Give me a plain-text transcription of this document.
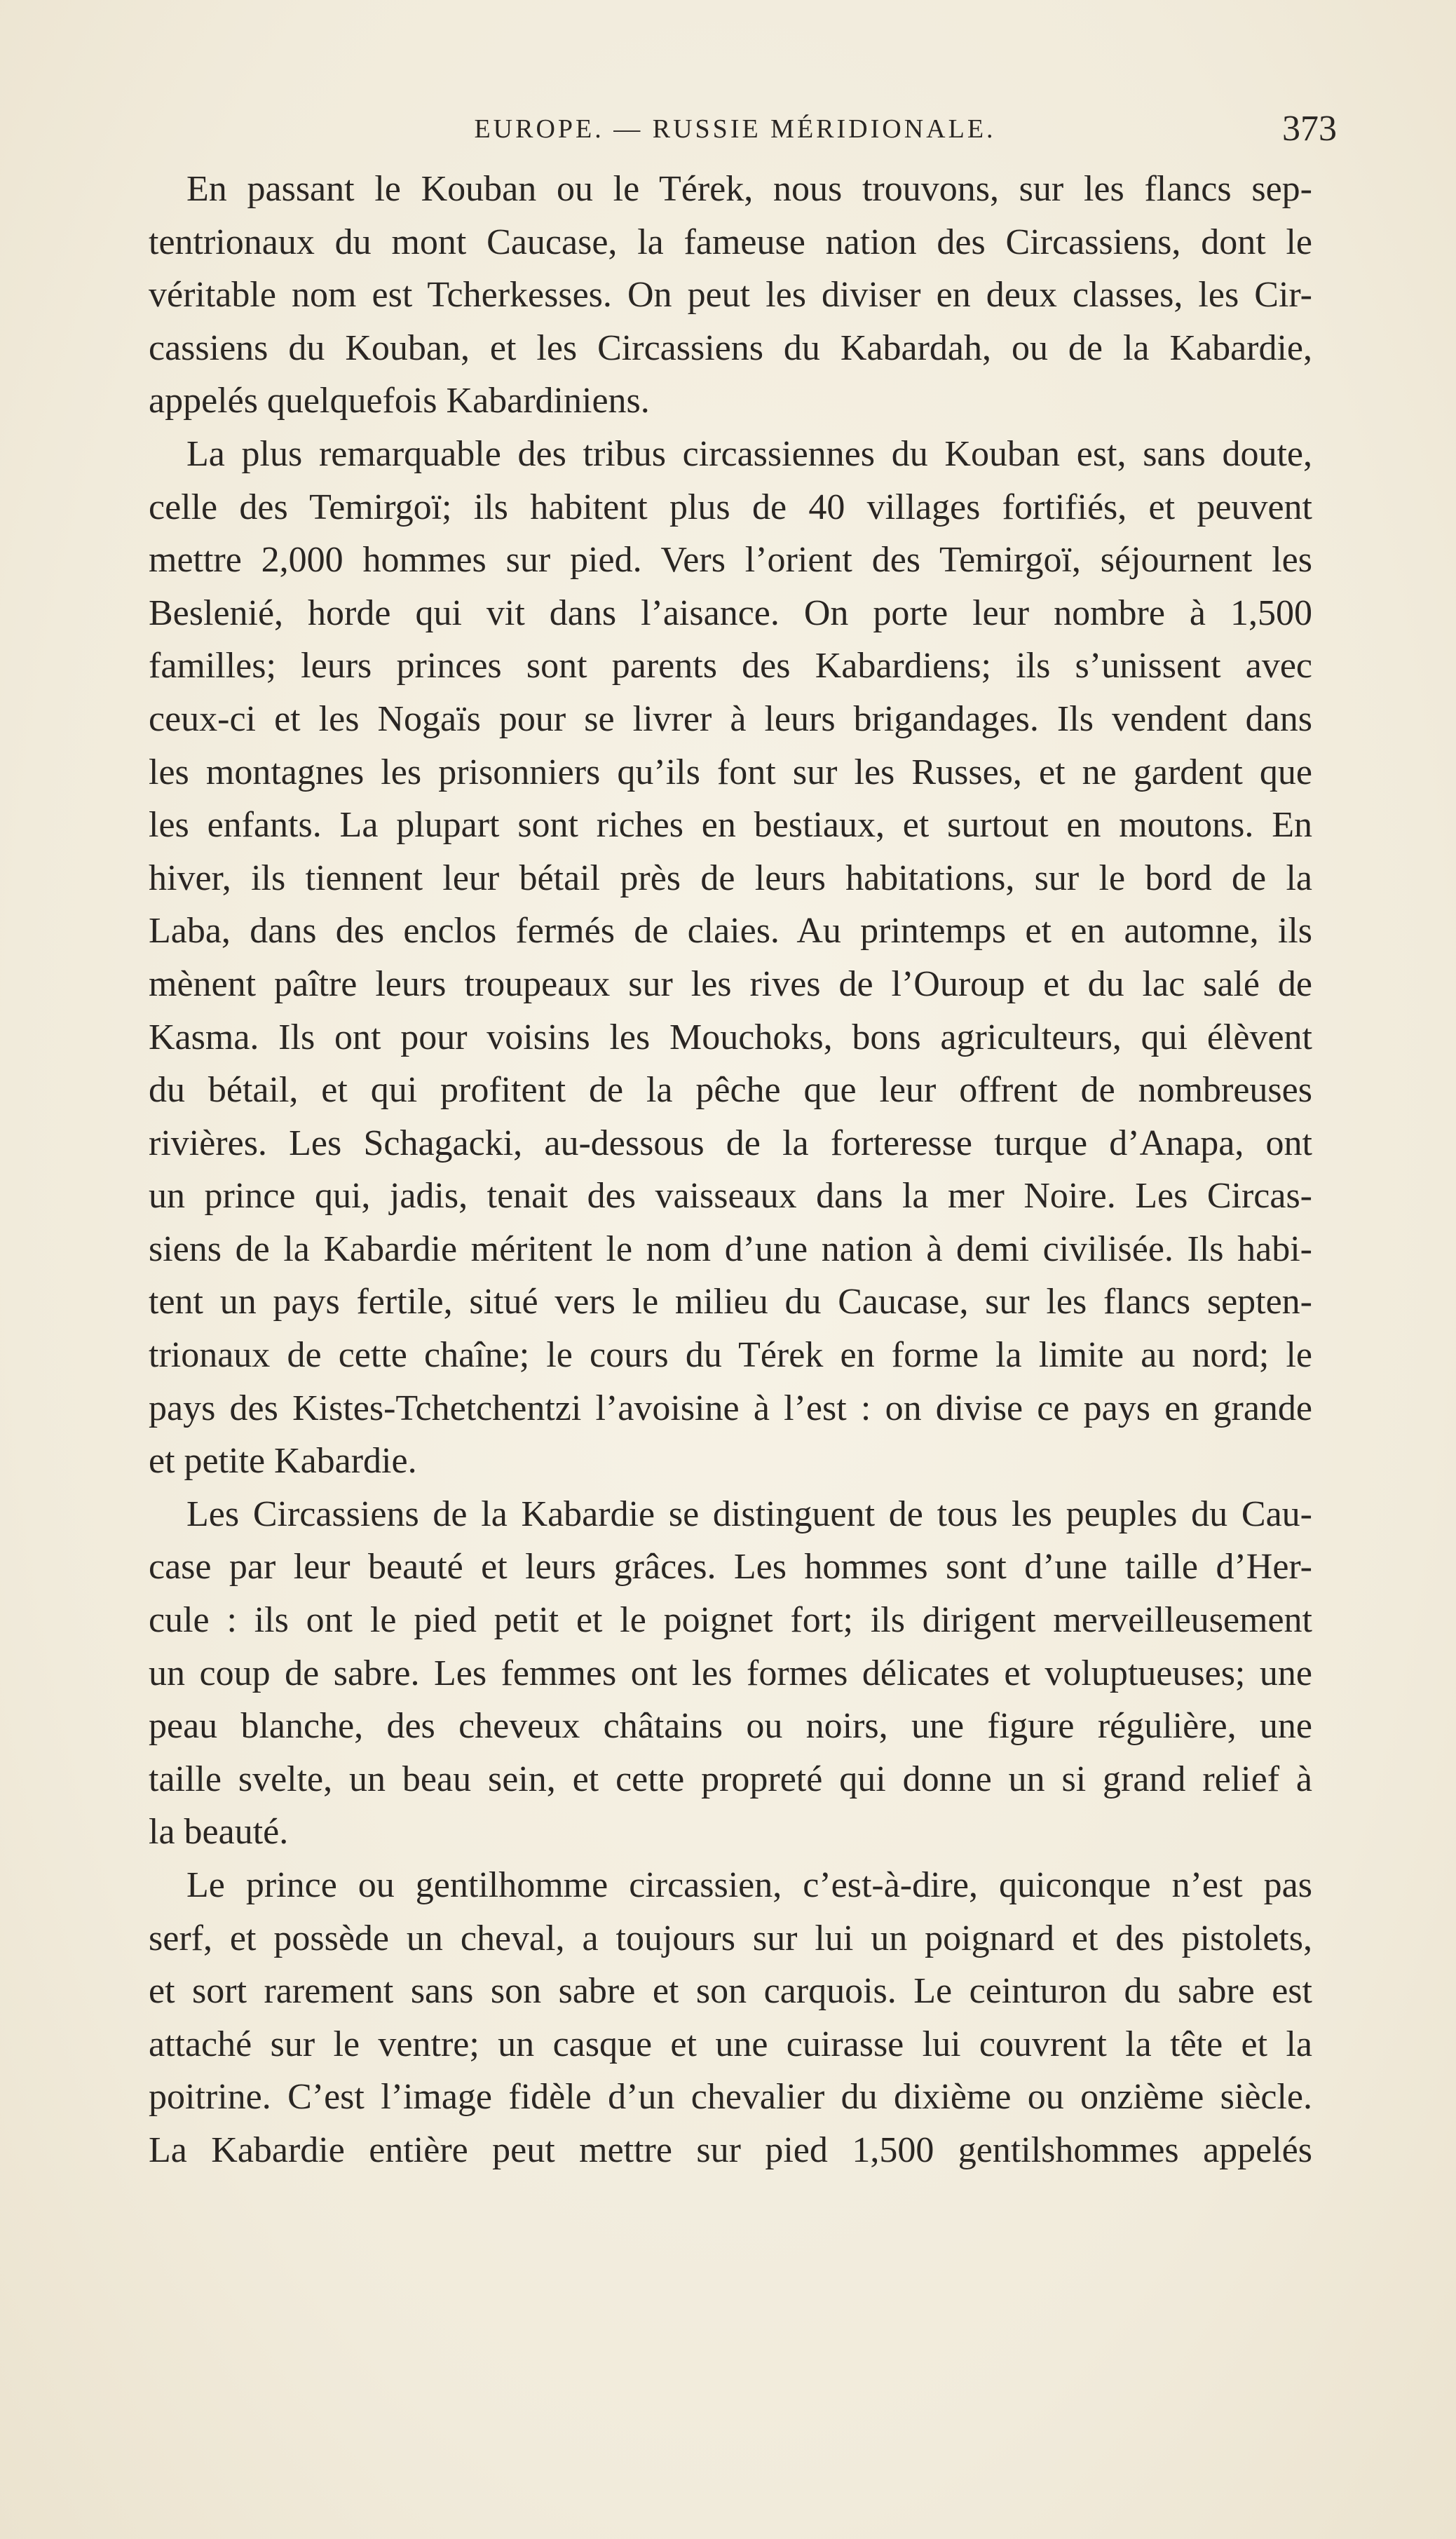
EUROPE. — RUSSIE MÉRIDIONALE.	373
En passant le Kouban ou le Térek, nous trouvons, sur les flancs sep-
tentrionaux du mont Caucase, la fameuse nation des Circassiens, dont le
véritable nom est Tcherkesses. On peut les diviser en deux classes, les Cir-
cassiens du Kouban, et les Circassiens du Kabardah, ou de la Kabardie,
appelés quelquefois Kabardiniens.
La plus remarquable des tribus circassiennes du Kouban est, sans doute,
celle des Temirgoï; ils habitent plus de 40 villages fortifiés, et peuvent
mettre 2,000 hommes sur pied. Vers l’orient des Temirgoï, séjournent les
Beslenié, horde qui vit dans l’aisance. On porte leur nombre à 1,500
familles; leurs princes sont parents des Kabardiens; ils s’unissent avec
ceux-ci et les Nogaïs pour se livrer à leurs brigandages. Ils vendent dans
les montagnes les prisonniers qu’ils font sur les Russes, et ne gardent que
les enfants. La plupart sont riches en bestiaux, et surtout en moutons. En
hiver, ils tiennent leur bétail près de leurs habitations, sur le bord de la
Laba, dans des enclos fermés de claies. Au printemps et en automne, ils
mènent paître leurs troupeaux sur les rives de l’Ouroup et du lac salé de
Kasma. Ils ont pour voisins les Mouchoks, bons agriculteurs, qui élèvent
du bétail, et qui profitent de la pêche que leur offrent de nombreuses
rivières. Les Schagacki, au-dessous de la forteresse turque d’Anapa, ont
un prince qui, jadis, tenait des vaisseaux dans la mer Noire. Les Circas-
siens de la Kabardie méritent le nom d’une nation à demi civilisée. Ils habi-
tent un pays fertile, situé vers le milieu du Caucase, sur les flancs septen-
trionaux de cette chaîne; le cours du Térek en forme la limite au nord; le
pays des Kistes-Tchetchentzi l’avoisine à l’est : on divise ce pays en grande
et petite Kabardie.
Les Circassiens de la Kabardie se distinguent de tous les peuples du Cau-
case par leur beauté et leurs grâces. Les hommes sont d’une taille d’Her-
cule : ils ont le pied petit et le poignet fort; ils dirigent merveilleusement
un coup de sabre. Les femmes ont les formes délicates et voluptueuses; une
peau blanche, des cheveux châtains ou noirs, une figure régulière, une
taille svelte, un beau sein, et cette propreté qui donne un si grand relief à
la beauté.
Le prince ou gentilhomme circassien, c’est-à-dire, quiconque n’est pas
serf, et possède un cheval, a toujours sur lui un poignard et des pistolets,
et sort rarement sans son sabre et son carquois. Le ceinturon du sabre est
attaché sur le ventre; un casque et une cuirasse lui couvrent la tête et la
poitrine. C’est l’image fidèle d’un chevalier du dixième ou onzième siècle.
La Kabardie entière peut mettre sur pied 1,500 gentilshommes appelés
